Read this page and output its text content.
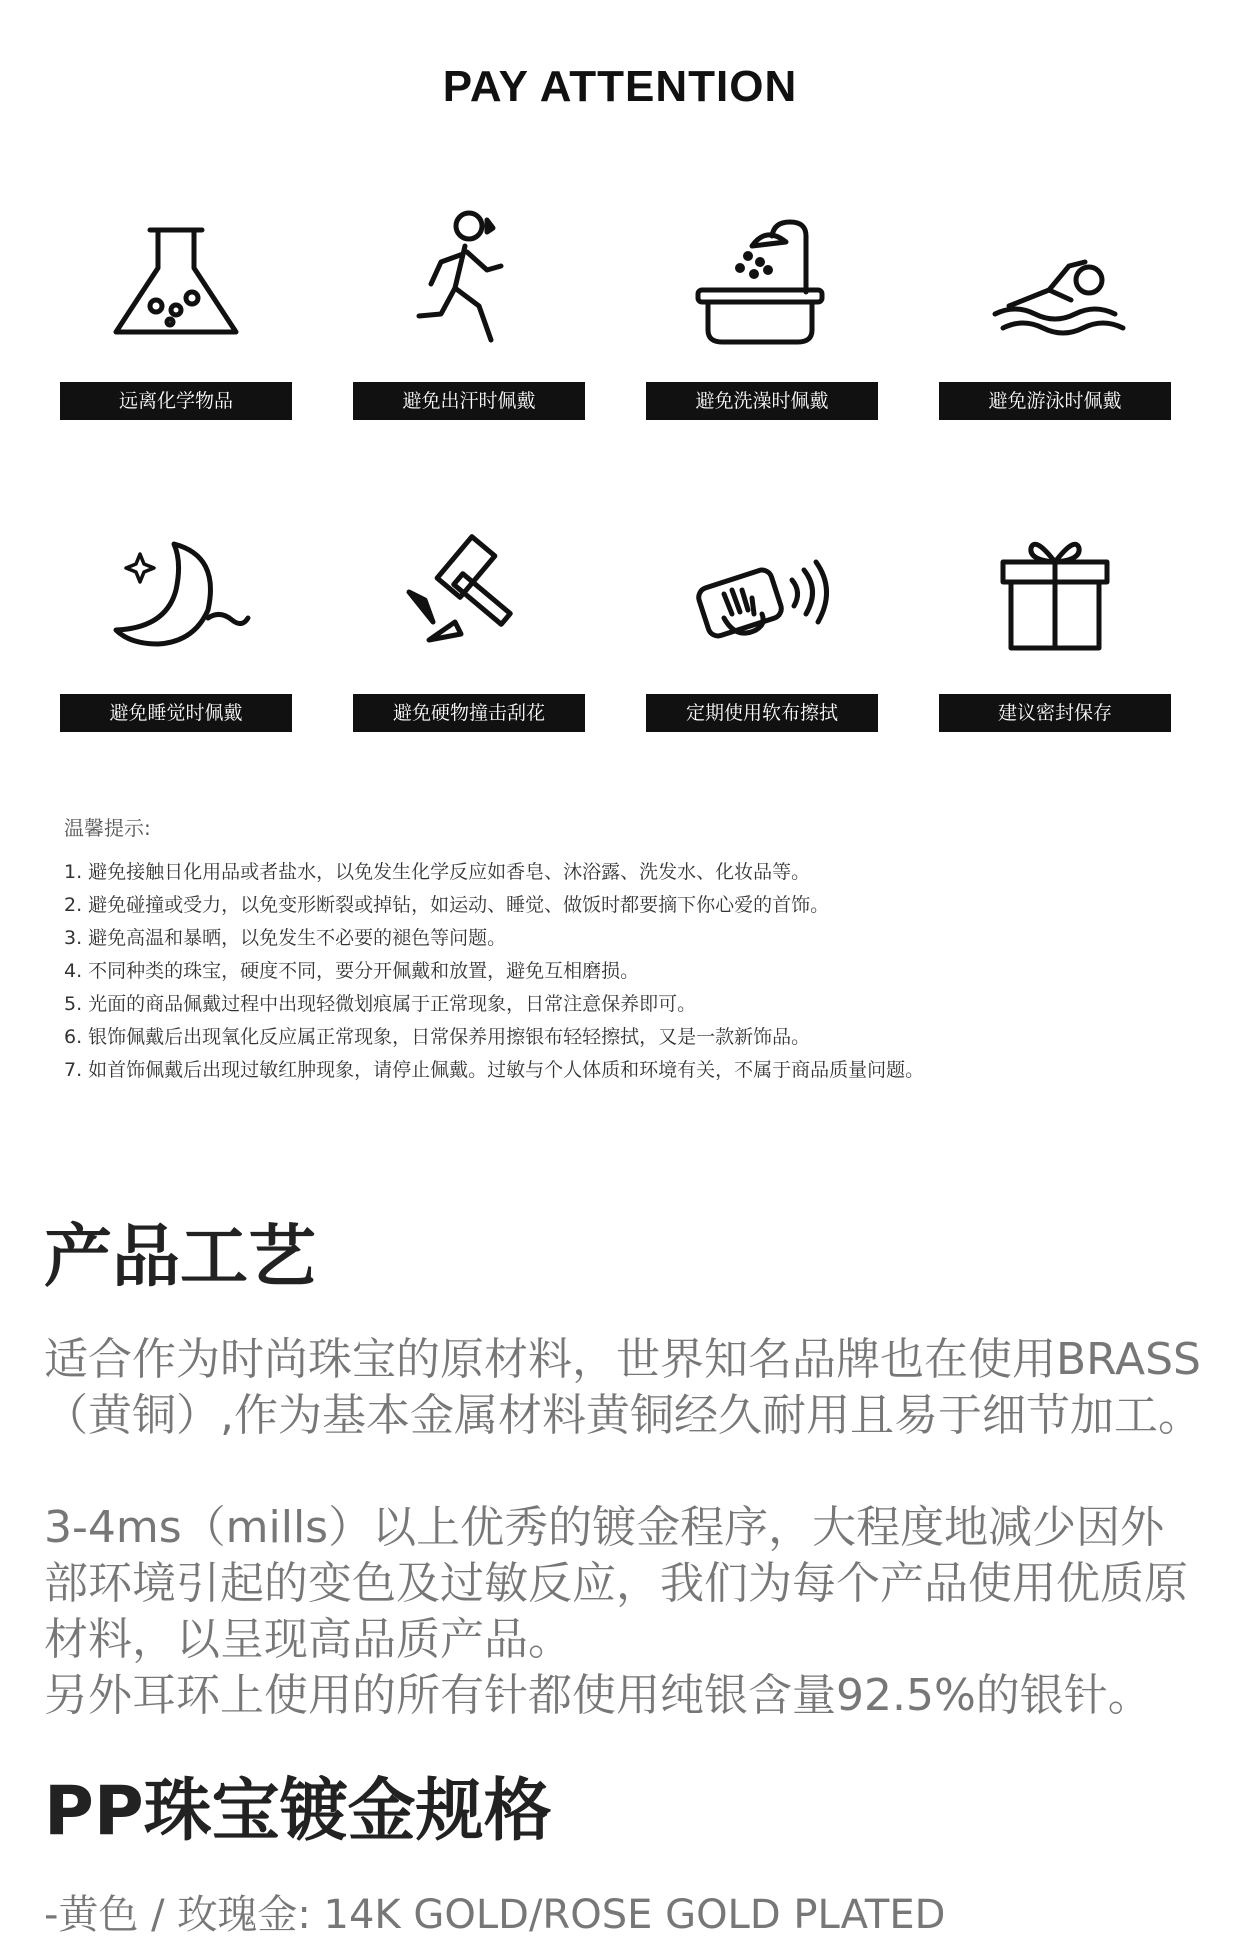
PAY ATTENTION
远离化学物品	避免出汗时佩戴	避免洗澡时佩戴	避免游泳时佩戴
避免睡觉时佩戴	避免硬物撞击刮花	定期使用软布擦拭	建议密封保存
温馨提示:
1. 避免接触日化用品或者盐水，以免发生化学反应如香皂、沐浴露、洗发水、化妆品等。
2. 避免碰撞或受力，以免变形断裂或掉钻，如运动、睡觉、做饭时都要摘下你心爱的首饰。
3. 避免高温和暴晒，以免发生不必要的褪色等问题。
4. 不同种类的珠宝，硬度不同，要分开佩戴和放置，避免互相磨损。
5. 光面的商品佩戴过程中出现轻微划痕属于正常现象，日常注意保养即可。
6. 银饰佩戴后出现氧化反应属正常现象，日常保养用擦银布轻轻擦拭，又是一款新饰品。
7. 如首饰佩戴后出现过敏红肿现象，请停止佩戴。过敏与个人体质和环境有关，不属于商品质量问题。
产品工艺

适合作为时尚珠宝的原材料，世界知名品牌也在使用BRASS（黄铜）,作为基本金属材料黄铜经久耐用且易于细节加工。

3-4ms（mills）以上优秀的镀金程序，大程度地减少因外部环境引起的变色及过敏反应，我们为每个产品使用优质原材料，以呈现高品质产品。

另外耳环上使用的所有针都使用纯银含量92.5%的银针。

PP珠宝镀金规格
-黄色 / 玫瑰金: 14K GOLD/ROSE GOLD PLATED
